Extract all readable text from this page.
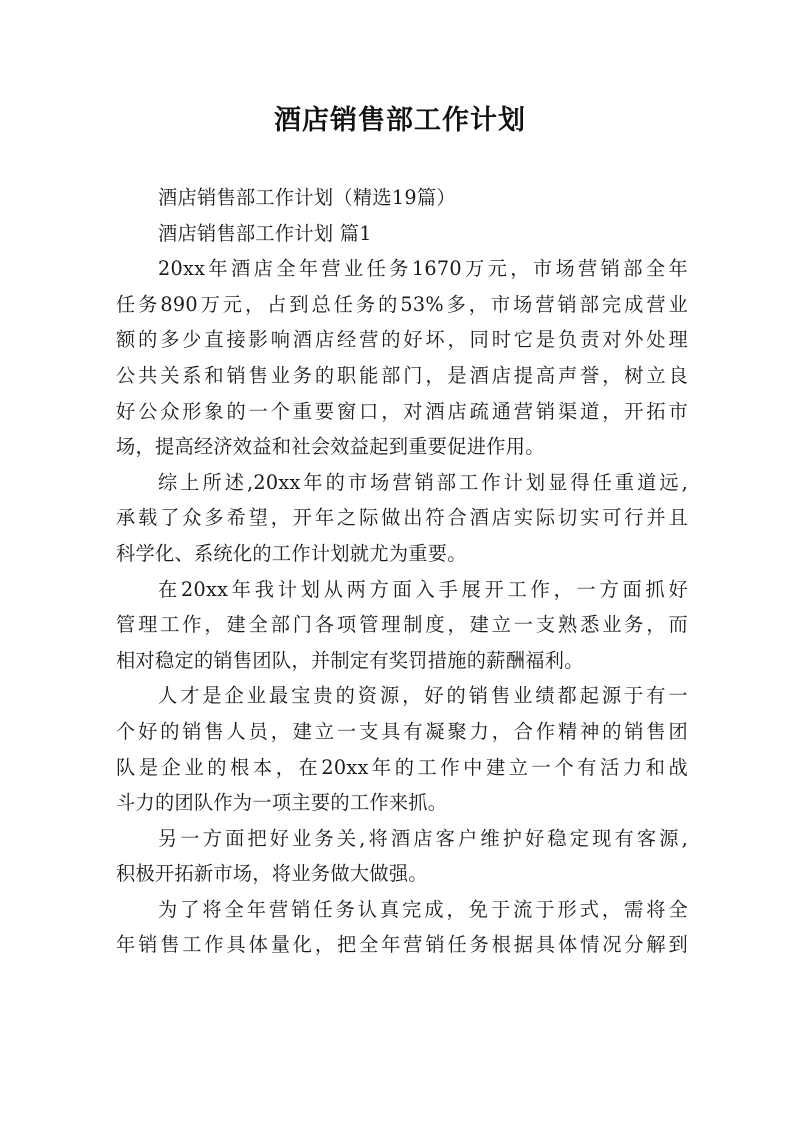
酒店销售部工作计划
酒店销售部工作计划（精选19篇）
酒店销售部工作计划 篇1
20xx年酒店全年营业任务1670万元，市场营销部全年
任务890万元，占到总任务的53%多，市场营销部完成营业
额的多少直接影响酒店经营的好坏，同时它是负责对外处理
公共关系和销售业务的职能部门，是酒店提高声誉，树立良
好公众形象的一个重要窗口，对酒店疏通营销渠道，开拓市
场，提高经济效益和社会效益起到重要促进作用。
综上所述,20xx年的市场营销部工作计划显得任重道远,
承载了众多希望，开年之际做出符合酒店实际切实可行并且
科学化、系统化的工作计划就尤为重要。
在20xx年我计划从两方面入手展开工作，一方面抓好
管理工作，建全部门各项管理制度，建立一支熟悉业务，而
相对稳定的销售团队，并制定有奖罚措施的薪酬福利。
人才是企业最宝贵的资源，好的销售业绩都起源于有一
个好的销售人员，建立一支具有凝聚力，合作精神的销售团
队是企业的根本，在20xx年的工作中建立一个有活力和战
斗力的团队作为一项主要的工作来抓。
另一方面把好业务关,将酒店客户维护好稳定现有客源,
积极开拓新市场，将业务做大做强。
为了将全年营销任务认真完成，免于流于形式，需将全
年销售工作具体量化，把全年营销任务根据具体情况分解到
